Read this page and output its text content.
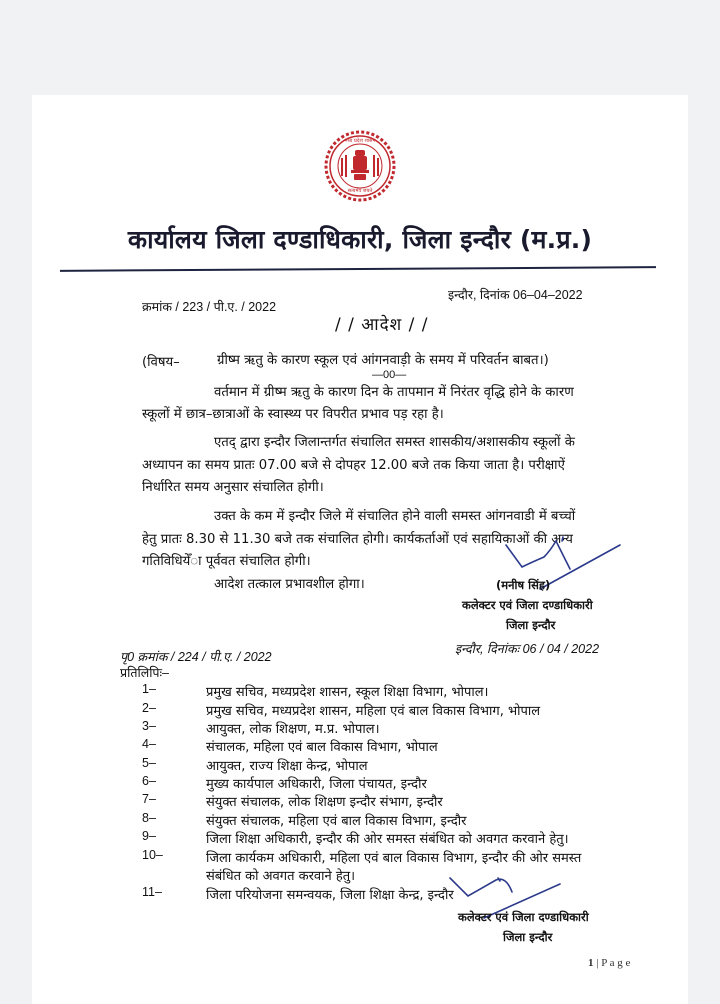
मध्य प्रदेश शासन
सत्यमेव जयते
कार्यालय जिला दण्डाधिकारी, जिला इन्दौर (म.प्र.)
क्रमांक / 223 / पी.ए. / 2022
इन्दौर, दिनांक 06–04–2022
/ / आदेश / /
(विषय–	ग्रीष्म ऋतु के कारण स्कूल एवं आंगनवाड़ी के समय में परिवर्तन बाबत।)
—00—
वर्तमान में ग्रीष्म ऋतु के कारण दिन के तापमान में निरंतर वृद्धि होने के कारण
स्कूलों में छात्र–छात्राओं के स्वास्थ्य पर विपरीत प्रभाव पड़ रहा है।
एतद् द्वारा इन्दौर जिलान्तर्गत संचालित समस्त शासकीय/अशासकीय स्कूलों के
अध्यापन का समय प्रातः 07.00 बजे से दोपहर 12.00 बजे तक किया जाता है। परीक्षाऐं
निर्धारित समय अनुसार संचालित होगी।
उक्त के कम में इन्दौर जिले में संचालित होने वाली समस्त आंगनवाडी में बच्चों
हेतु प्रातः 8.30 से 11.30 बजे तक संचालित होगी। कार्यकर्ताओं एवं सहायिकाओं की अन्य
गतिविधियेँा पूर्ववत संचालित होगी।
आदेश तत्काल प्रभावशील होगा।	(मनीष सिंह)
कलेक्टर एवं जिला दण्डाधिकारी
जिला इन्दौर
पृ0 क्रमांक / 224 / पी.ए. / 2022
इन्दौर, दिनांकः 06 / 04 / 2022
प्रतिलिपिः–
1–	प्रमुख सचिव, मध्यप्रदेश शासन, स्कूल शिक्षा विभाग, भोपाल।
2–	प्रमुख सचिव, मध्यप्रदेश शासन, महिला एवं बाल विकास विभाग, भोपाल
3–	आयुक्त, लोक शिक्षण, म.प्र. भोपाल।
4–	संचालक, महिला एवं बाल विकास विभाग, भोपाल
5–	आयुक्त, राज्य शिक्षा केन्द्र, भोपाल
6–	मुख्य कार्यपाल अधिकारी, जिला पंचायत, इन्दौर
7–	संयुक्त संचालक, लोक शिक्षण इन्दौर संभाग, इन्दौर
8–	संयुक्त संचालक, महिला एवं बाल विकास विभाग, इन्दौर
9–	जिला शिक्षा अधिकारी, इन्दौर की ओर समस्त संबंधित को अवगत करवाने हेतु।
10–	जिला कार्यकम अधिकारी, महिला एवं बाल विकास विभाग, इन्दौर की ओर समस्त
संबंधित को अवगत करवाने हेतु।
11–	जिला परियोजना समन्वयक, जिला शिक्षा केन्द्र, इन्दौर
कलेक्टर एवं जिला दण्डाधिकारी
जिला इन्दौर
1 | P a g e
